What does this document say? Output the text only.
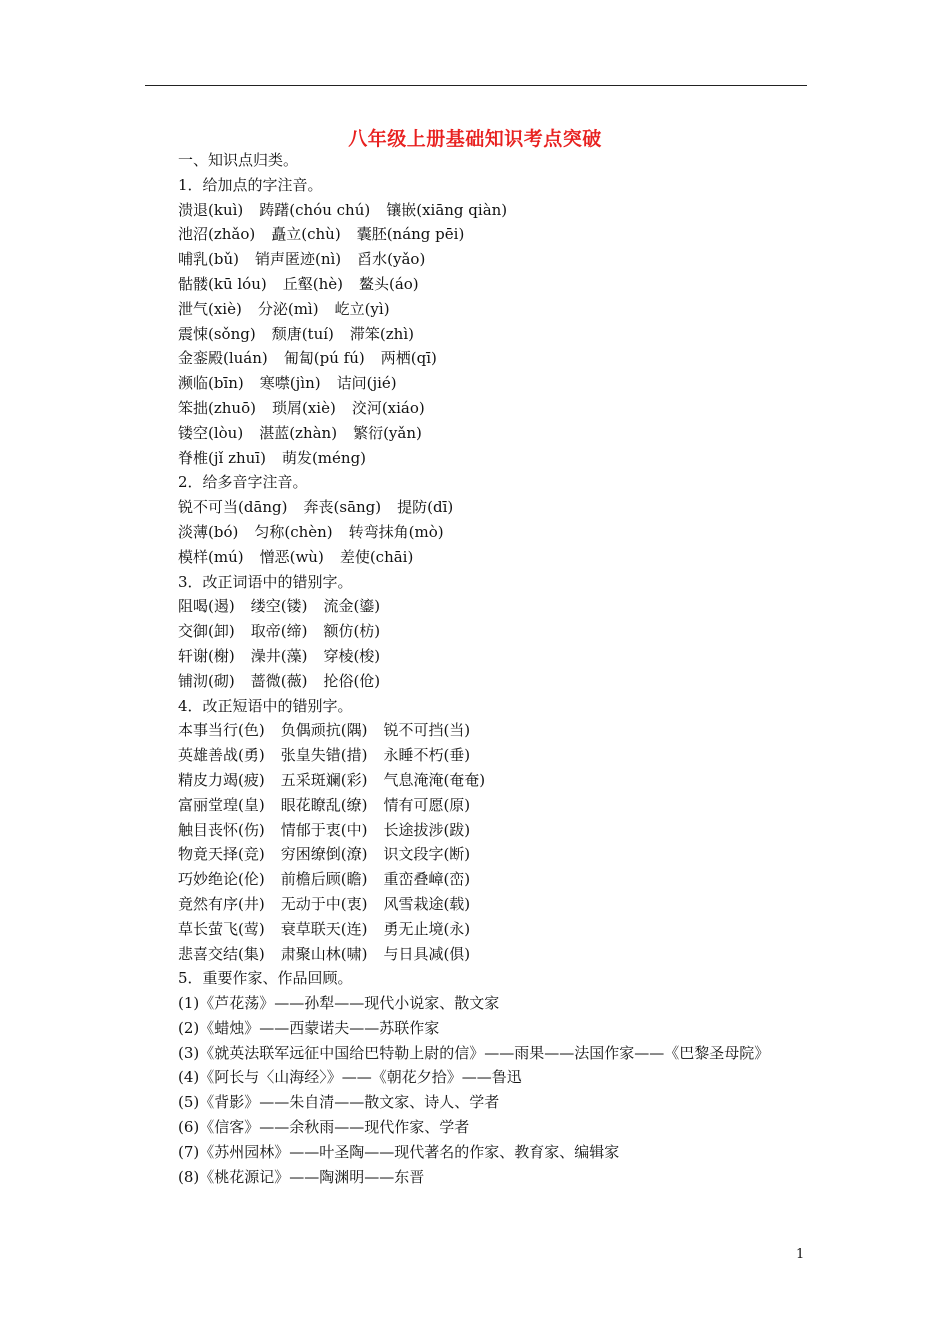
八年级上册基础知识考点突破
一、知识点归类。
1．给加点的字注音。
溃退(kuì) 踌躇(chóu chú) 镶嵌(xiāng qiàn)
池沼(zhǎo) 矗立(chù) 囊胚(náng pēi)
哺乳(bǔ) 销声匿迹(nì) 舀水(yǎo)
骷髅(kū lóu) 丘壑(hè) 鳌头(áo)
泄气(xiè) 分泌(mì) 屹立(yì)
震悚(sǒng) 颓唐(tuí) 滞笨(zhì)
金銮殿(luán) 匍匐(pú fú) 两栖(qī)
濒临(bīn) 寒噤(jìn) 诘问(jié)
笨拙(zhuō) 琐屑(xiè) 洨河(xiáo)
镂空(lòu) 湛蓝(zhàn) 繁衍(yǎn)
脊椎(jǐ zhuī) 萌发(méng)
2．给多音字注音。
锐不可当(dāng) 奔丧(sāng) 提防(dī)
淡薄(bó) 匀称(chèn) 转弯抹角(mò)
模样(mú) 憎恶(wù) 差使(chāi)
3．改正词语中的错别字。
阻喝(遏) 缕空(镂) 流金(鎏)
交御(卸) 取帝(缔) 额仿(枋)
轩谢(榭) 澡井(藻) 穿棱(梭)
铺沏(砌) 蔷微(薇) 抡俗(伧)
4．改正短语中的错别字。
本事当行(色) 负偶顽抗(隅) 锐不可挡(当)
英雄善战(勇) 张皇失错(措) 永睡不朽(垂)
精皮力竭(疲) 五采斑斓(彩) 气息淹淹(奄奄)
富丽堂瑝(皇) 眼花瞭乱(缭) 情有可愿(原)
触目丧怀(伤) 情郁于衷(中) 长途拔涉(跋)
物竟天择(竞) 穷困缭倒(潦) 识文段字(断)
巧妙绝论(伦) 前檐后顾(瞻) 重峦叠嶂(峦)
竟然有序(井) 无动于中(衷) 风雪栽途(载)
草长萤飞(莺) 衰草联天(连) 勇无止境(永)
悲喜交结(集) 肃聚山林(啸) 与日具减(俱)
5．重要作家、作品回顾。
(1)《芦花荡》——孙犁——现代小说家、散文家
(2)《蜡烛》——西蒙诺夫——苏联作家
(3)《就英法联军远征中国给巴特勒上尉的信》——雨果——法国作家——《巴黎圣母院》
(4)《阿长与〈山海经〉》——《朝花夕拾》——鲁迅
(5)《背影》——朱自清——散文家、诗人、学者
(6)《信客》——余秋雨——现代作家、学者
(7)《苏州园林》——叶圣陶——现代著名的作家、教育家、编辑家
(8)《桃花源记》——陶渊明——东晋
1
